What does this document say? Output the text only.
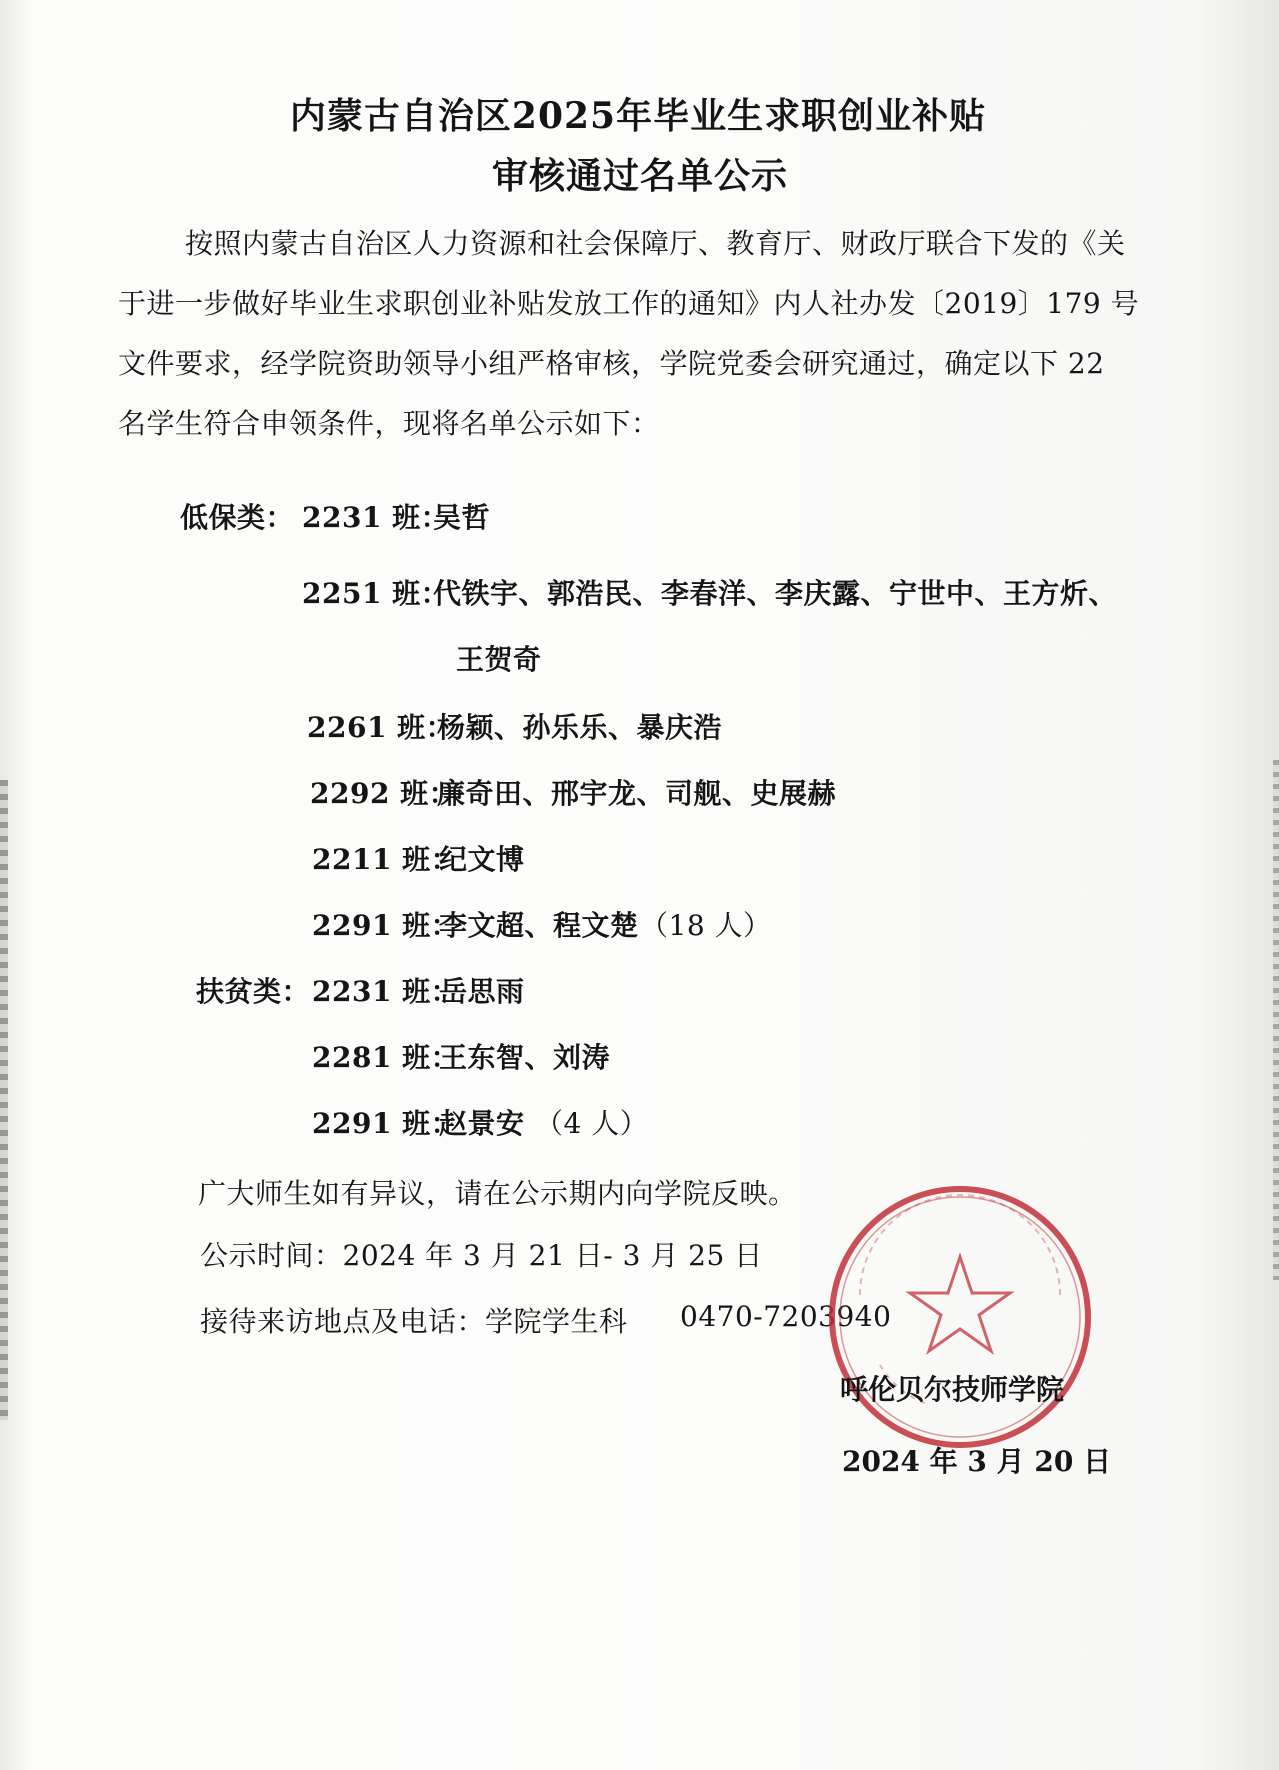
内蒙古自治区2025年毕业生求职创业补贴
审核通过名单公示
按照内蒙古自治区人力资源和社会保障厅、教育厅、财政厅联合下发的《关
于进一步做好毕业生求职创业补贴发放工作的通知》内人社办发〔2019〕179 号
文件要求，经学院资助领导小组严格审核，学院党委会研究通过，确定以下 22
名学生符合申领条件，现将名单公示如下：
低保类： 2231 班：
吴哲
2251 班：
代铁宇、郭浩民、李春洋、李庆露、宁世中、王方炘、
王贺奇
2261 班：
杨颖、孙乐乐、暴庆浩
2292 班：
廉奇田、邢宇龙、司舰、史展赫
2211 班：
纪文博
2291 班：
李文超、程文楚 （18 人）
扶贫类： 2231 班：
岳思雨
2281 班：
王东智、刘涛
2291 班：
赵景安 （4 人）
广大师生如有异议，请在公示期内向学院反映。
公示时间：2024 年 3 月 21 日- 3 月 25 日
接待来访地点及电话：学院学生科 0470-7203940
呼伦贝尔技师学院
2024 年 3 月 20 日
